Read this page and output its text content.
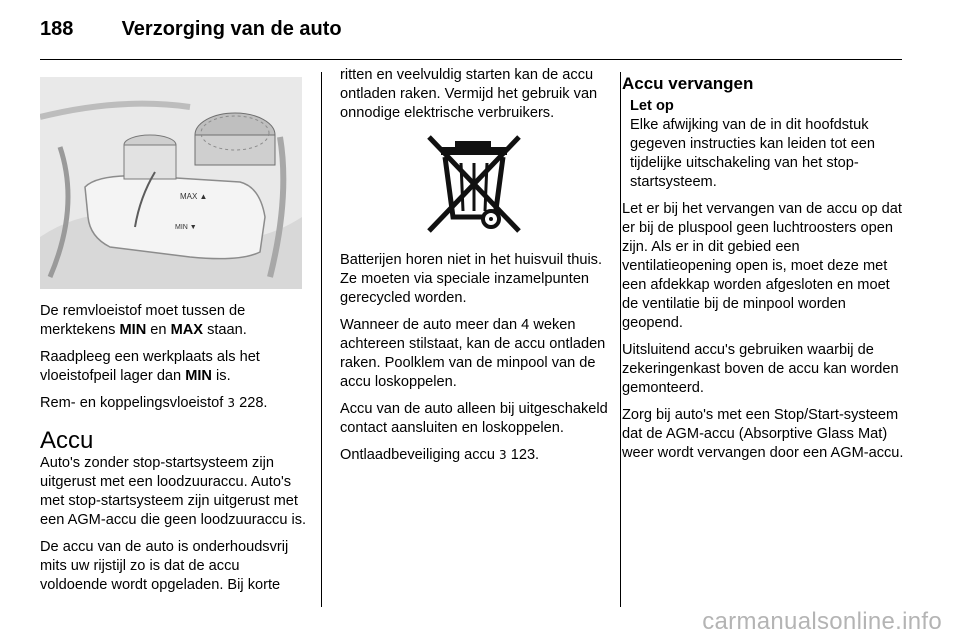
188 Verzorging van de auto
MAX ▲
MIN ▼

De remvloeistof moet tussen de merktekens MIN en MAX staan.

Raadpleeg een werkplaats als het vloeistofpeil lager dan MIN is.

Rem- en koppelingsvloeistof 3 228.

Accu

Auto's zonder stop-startsysteem zijn uitgerust met een loodzuuraccu. Auto's met stop-startsysteem zijn uitgerust met een AGM-accu die geen loodzuuraccu is.

De accu van de auto is onderhoudsvrij mits uw rijstijl zo is dat de accu voldoende wordt opgeladen. Bij korte

ritten en veelvuldig starten kan de accu ontladen raken. Vermijd het gebruik van onnodige elektrische verbruikers.

Batterijen horen niet in het huisvuil thuis. Ze moeten via speciale inzamelpunten gerecycled worden.

Wanneer de auto meer dan 4 weken achtereen stilstaat, kan de accu ontladen raken. Poolklem van de minpool van de accu loskoppelen.

Accu van de auto alleen bij uitgeschakeld contact aansluiten en loskoppelen.

Ontlaadbeveiliging accu 3 123.

Accu vervangen
Let op
Elke afwijking van de in dit hoofdstuk gegeven instructies kan leiden tot een tijdelijke uitschakeling van het stop- startsysteem.

Let er bij het vervangen van de accu op dat er bij de pluspool geen luchtroosters open zijn. Als er in dit gebied een ventilatieopening open is, moet deze met een afdekkap worden afgesloten en moet de ventilatie bij de minpool worden geopend.

Uitsluitend accu's gebruiken waarbij de zekeringenkast boven de accu kan worden gemonteerd.

Zorg bij auto's met een Stop/Start-systeem dat de AGM-accu (Absorptive Glass Mat) weer wordt vervangen door een AGM-accu.

carmanualsonline.info
